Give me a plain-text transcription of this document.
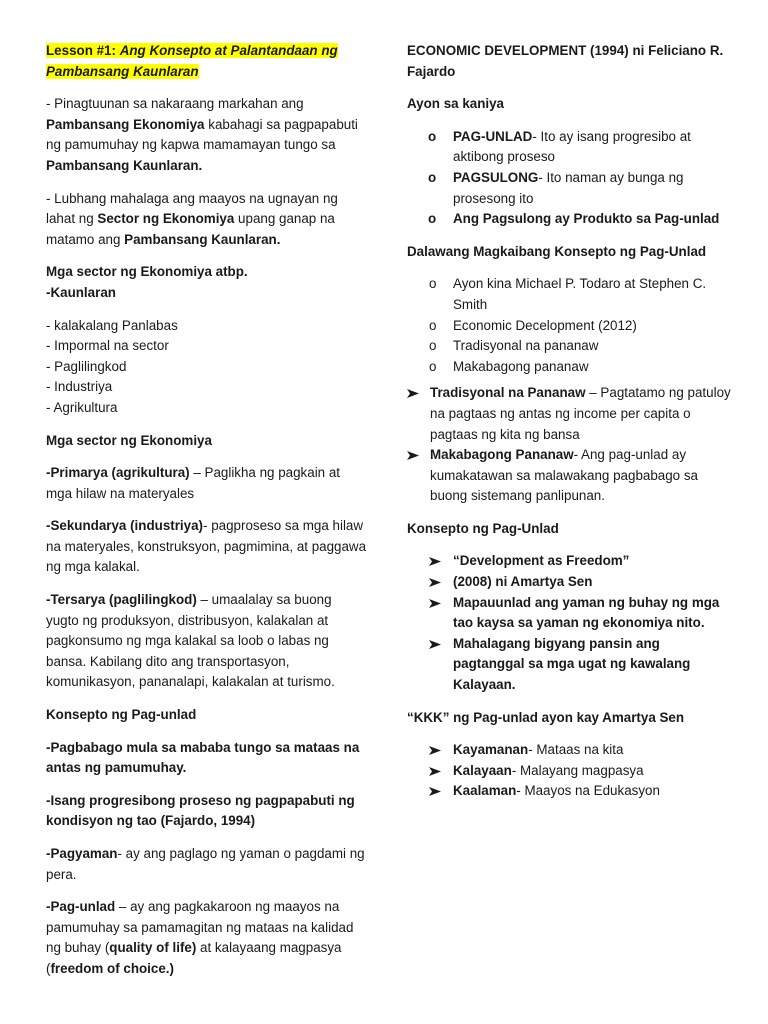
Lesson #1: Ang Konsepto at Palantandaan ng Pambansang Kaunlaran

- Pinagtuunan sa nakaraang markahan ang Pambansang Ekonomiya kabahagi sa pagpapabuti ng pamumuhay ng kapwa mamamayan tungo sa Pambansang Kaunlaran.

- Lubhang mahalaga ang maayos na ugnayan ng lahat ng Sector ng Ekonomiya upang ganap na matamo ang Pambansang Kaunlaran.

Mga sector ng Ekonomiya atbp.
-Kaunlaran

- kalakalang Panlabas
- Impormal na sector
- Paglilingkod
- Industriya
- Agrikultura

Mga sector ng Ekonomiya

-Primarya (agrikultura) – Paglikha ng pagkain at mga hilaw na materyales

-Sekundarya (industriya)- pagproseso sa mga hilaw na materyales, konstruksyon, pagmimina, at paggawa ng mga kalakal.

-Tersarya (paglilingkod) – umaalalay sa buong yugto ng produksyon, distribusyon, kalakalan at pagkonsumo ng mga kalakal sa loob o labas ng bansa. Kabilang dito ang transportasyon, komunikasyon, pananalapi, kalakalan at turismo.

Konsepto ng Pag-unlad

-Pagbabago mula sa mababa tungo sa mataas na antas ng pamumuhay.

-Isang progresibong proseso ng pagpapabuti ng kondisyon ng tao (Fajardo, 1994)

-Pagyaman- ay ang paglago ng yaman o pagdami ng pera.

-Pag-unlad – ay ang pagkakaroon ng maayos na pamumuhay sa pamamagitan ng mataas na kalidad ng buhay (quality of life) at kalayaang magpasya (freedom of choice.)

ECONOMIC DEVELOPMENT (1994) ni Feliciano R. Fajardo

Ayon sa kaniya

o PAG-UNLAD- Ito ay isang progresibo at aktibong proseso
o PAGSULONG- Ito naman ay bunga ng prosesong ito
o Ang Pagsulong ay Produkto sa Pag-unlad

Dalawang Magkaibang Konsepto ng Pag-Unlad

o Ayon kina Michael P. Todaro at Stephen C. Smith
o Economic Decelopment (2012)
o Tradisyonal na pananaw
o Makabagong pananaw
Tradisyonal na Pananaw – Pagtatamo ng patuloy na pagtaas ng antas ng income per capita o pagtaas ng kita ng bansa
Makabagong Pananaw- Ang pag-unlad ay kumakatawan sa malawakang pagbabago sa buong sistemang panlipunan.

Konsepto ng Pag-Unlad

“Development as Freedom”
(2008) ni Amartya Sen
Mapauunlad ang yaman ng buhay ng mga tao kaysa sa yaman ng ekonomiya nito.
Mahalagang bigyang pansin ang pagtanggal sa mga ugat ng kawalang Kalayaan.

“KKK” ng Pag-unlad ayon kay Amartya Sen

Kayamanan- Mataas na kita
Kalayaan- Malayang magpasya
Kaalaman- Maayos na Edukasyon
